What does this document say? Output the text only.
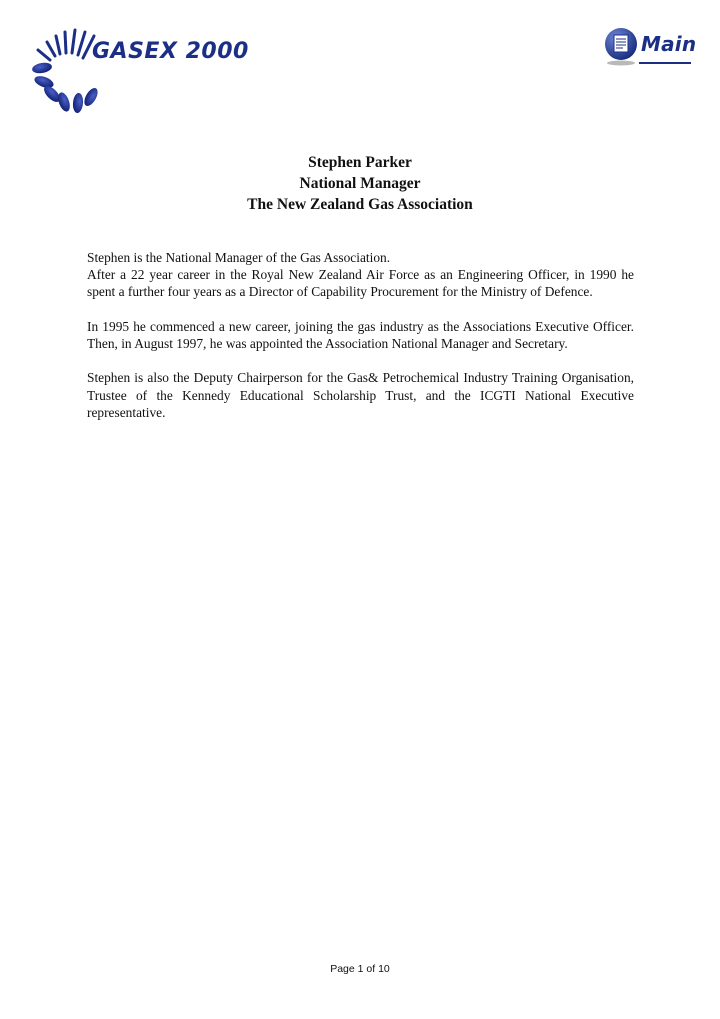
GASEX 2000	Main
Stephen Parker
National Manager
The New Zealand Gas Association

Stephen is the National Manager of the Gas Association.
After a 22 year career in the Royal New Zealand Air Force as an Engineering Officer, in 1990 he spent a further four years as a Director of Capability Procurement for the Ministry of Defence.

In 1995 he commenced a new career, joining the gas industry as the Associations Executive Officer. Then, in August 1997, he was appointed the Association National Manager and Secretary.

Stephen is also the Deputy Chairperson for the Gas& Petrochemical Industry Training Organisation, Trustee of the Kennedy Educational Scholarship Trust, and the ICGTI National Executive representative.

Page 1 of 10
